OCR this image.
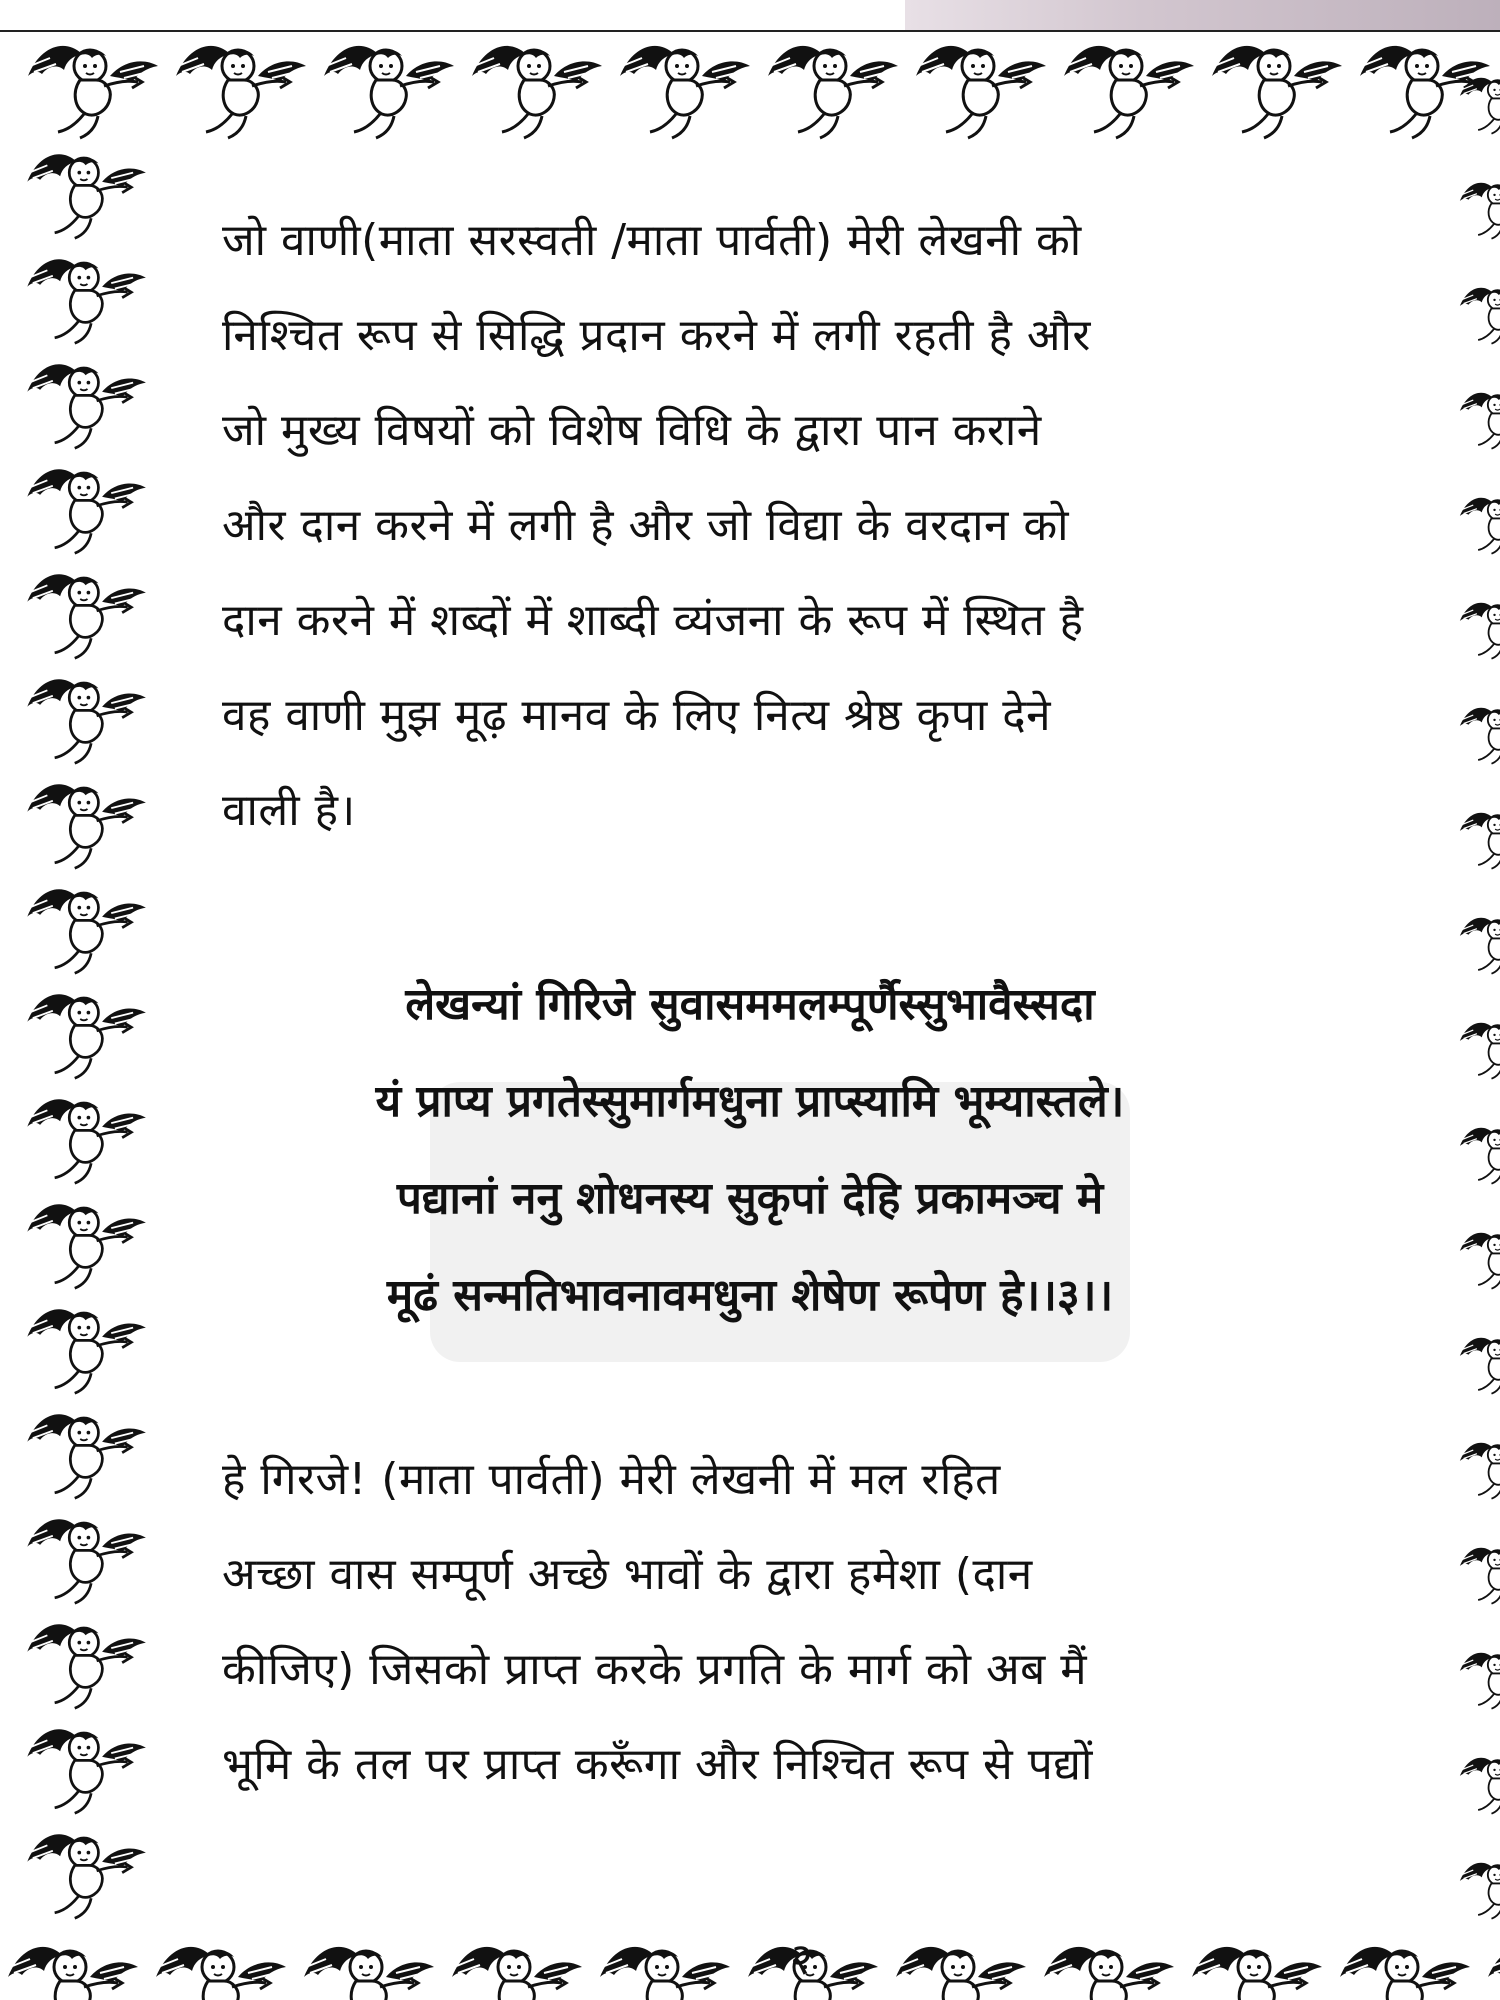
जो वाणी(माता सरस्वती /माता पार्वती) मेरी लेखनी को
निश्चित रूप से सिद्धि प्रदान करने में लगी रहती है और
जो मुख्य विषयों को विशेष विधि के द्वारा पान कराने
और दान करने में लगी है और जो विद्या के वरदान को
दान करने में शब्दों में शाब्दी व्यंजना के रूप में स्थित है
वह वाणी मुझ मूढ़ मानव के लिए नित्य श्रेष्ठ कृपा देने
वाली है।
लेखन्यां गिरिजे सुवासममलम्पूर्णैस्सुभावैस्सदा
यं प्राप्य प्रगतेस्सुमार्गमधुना प्राप्स्यामि भूम्यास्तले।
पद्यानां ननु शोधनस्य सुकृपां देहि प्रकामञ्च मे
मूढं सन्मतिभावनावमधुना शेषेण रूपेण हे।।३।।
हे गिरजे! (माता पार्वती) मेरी लेखनी में मल रहित
अच्छा वास सम्पूर्ण अच्छे भावों के द्वारा हमेशा (दान
कीजिए) जिसको प्राप्त करके प्रगति के मार्ग को अब मैं
भूमि के तल पर प्राप्त करूँगा और निश्चित रूप से पद्यों
२
